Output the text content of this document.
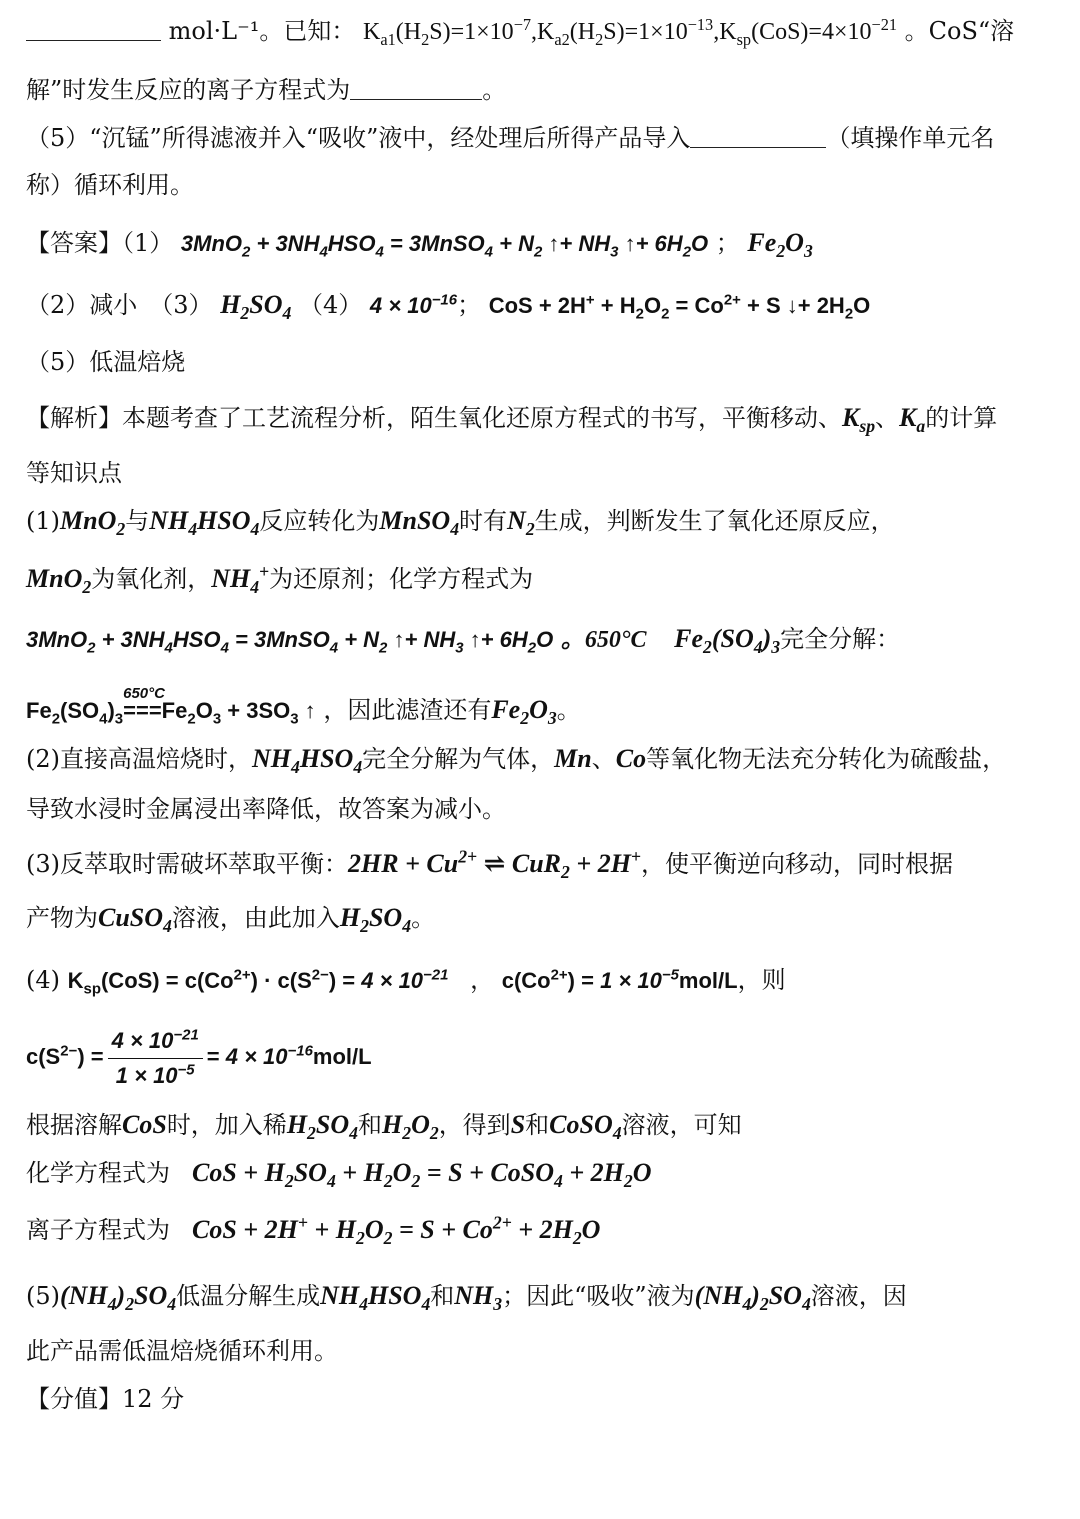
mol·L⁻¹。已知： $K_{a1}(H_2S)=1\times 10^{-7},K_{a2}(H_2S)=1\times 10^{-13},K_{sp}(CoS)=4\times 10^{-21}$ 。CoS“溶
解”时发生反应的离子方程式为	。
（5）“沉锰”所得滤液并入“吸收”液中，经处理后所得产品导入	（填操作单元名
称）循环利用。
【答案】（1） $3MnO_2 + 3NH_4HSO_4$ = 3MnSO$_4$ + $N_2$ ↑+ $NH_3$ ↑+ $6H_2O$ ； $Fe_2O_3$
（2）减小　（3） $H_2SO_4$ （4） $4 \times 10^{-16}$； CoS + $2H^+ + H_2O_2 = Co^{2+} + S$ ↓+ $2H_2O$
（5）低温焙烧
【解析】本题考查了工艺流程分析，陌生氧化还原方程式的书写，平衡移动、$K_{sp}$、$K_a$的计算
等知识点
(1)MnO$_2$与$NH_4HSO_4$反应转化为MnSO$_4$时有$N_2$生成，判断发生了氧化还原反应，
MnO$_2$为氧化剂，$NH_4^+$为还原剂；化学方程式为
$3MnO_2 + 3NH_4HSO_4$ = 3MnSO$_4$ + $N_2$ ↑+ $NH_3$ ↑+ $6H_2O$ 。650°C $Fe_2(SO_4)_3$完全分解：
$Fe_2(SO_4)_3$
650°C
$===Fe_2O_3 + 3SO_3$ ↑ ，因此滤渣还有$Fe_2O_3$。
(2)直接高温焙烧时，$NH_4HSO_4$完全分解为气体，Mn、Co等氧化物无法充分转化为硫酸盐，
导致水浸时金属浸出率降低，故答案为减小。
(3)反萃取时需破坏萃取平衡：$2HR + Cu^{2+}$ ⇌ CuR$_2$ + 2H+，使平衡逆向移动，同时根据
产物为CuSO$_4$溶液，由此加入$H_2SO_4$。
(4) $K_{sp}(CoS) = c(Co^{2+}) \cdot c(S^{2-}) = 4 \times 10^{-21}$ ， $c(Co^{2+}) = 1 \times 10^{-5}mol/L$，则
$c(S^{2-}) = \frac{4 \times 10^{-21}}{1 \times 10^{-5}} = 4 \times 10^{-16}mol/L$
根据溶解CoS时，加入稀$H_2SO_4$和$H_2O_2$，得到S和CoSO$_4$溶液，可知
化学方程式为 CoS + $H_2SO_4 + H_2O_2 = S$ + CoSO$_4$ + $2H_2O$
离子方程式为 CoS + $2H^+ + H_2O_2 = S + Co^{2+} + 2H_2O$
$(5)(NH_4)_2SO_4$低温分解生成$NH_4HSO_4$和$NH_3$；因此“吸收”液为$(NH_4)_2SO_4$溶液，因
此产品需低温焙烧循环利用。
【分值】12 分
